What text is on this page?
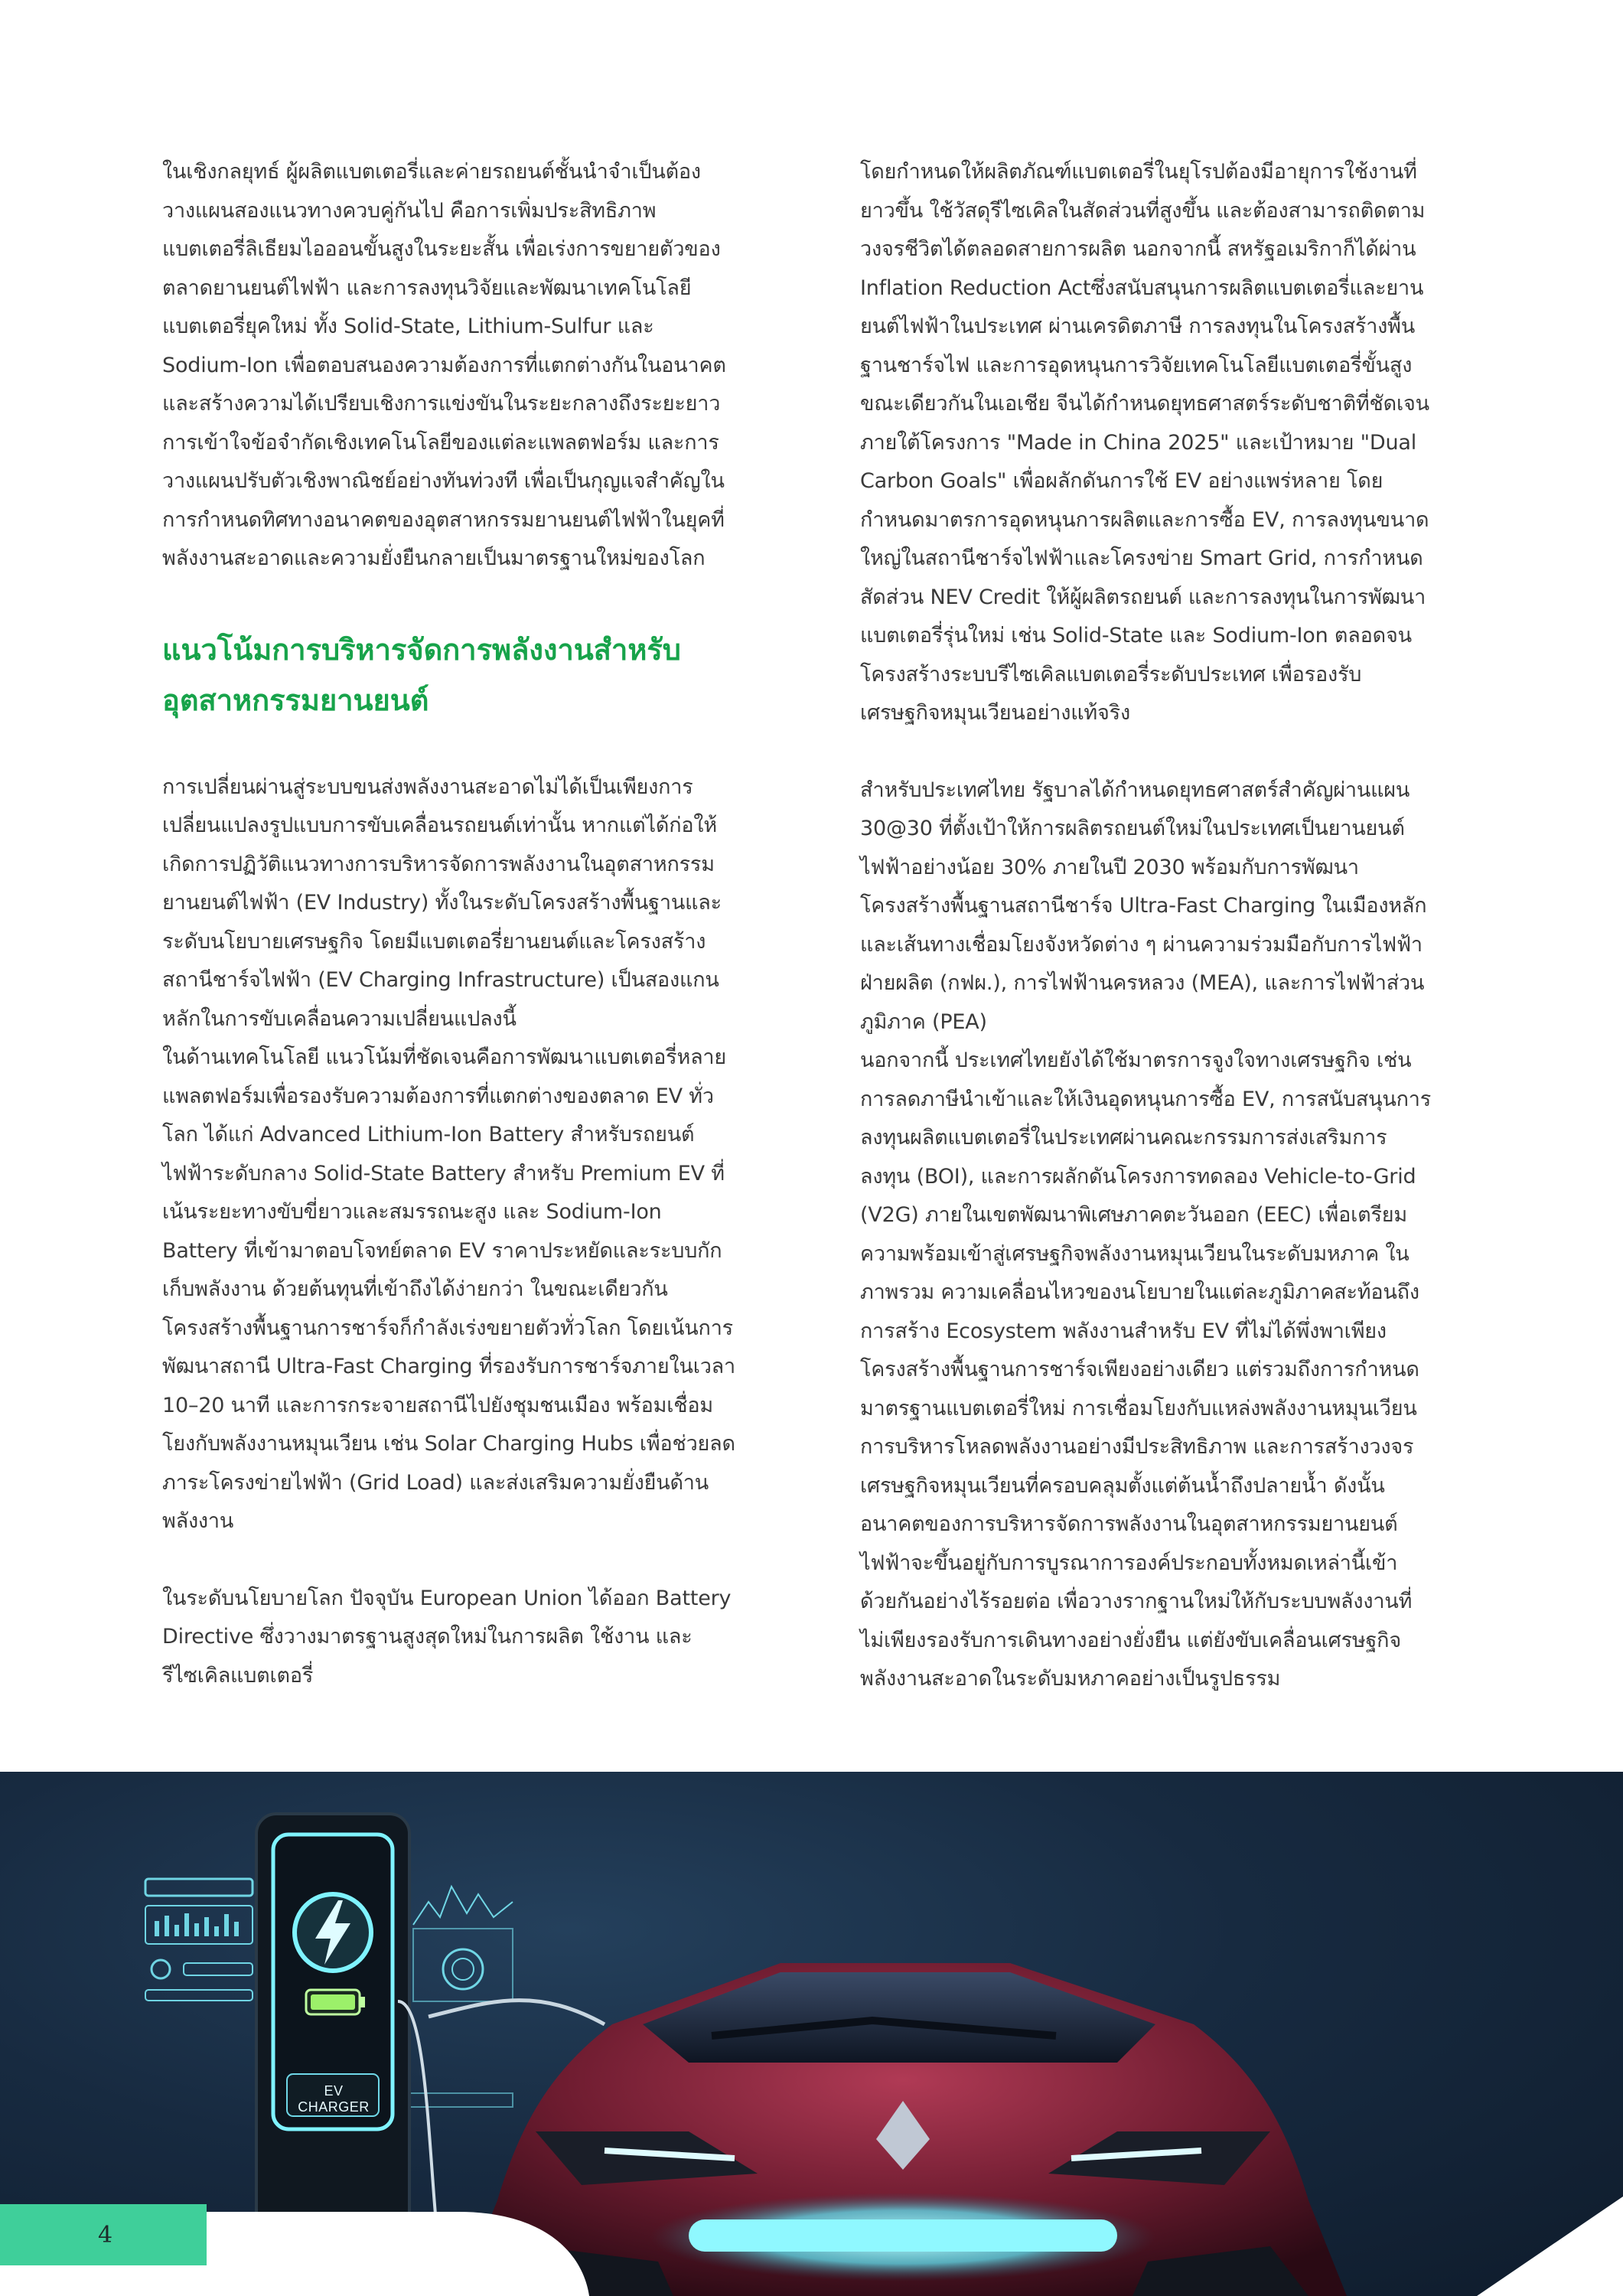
ในเชิงกลยุทธ์ ผู้ผลิตแบตเตอรี่และค่ายรถยนต์ชั้นนำจำเป็นต้อง
วางแผนสองแนวทางควบคู่กันไป คือการเพิ่มประสิทธิภาพ
แบตเตอรี่ลิเธียมไอออนขั้นสูงในระยะสั้น เพื่อเร่งการขยายตัวของ
ตลาดยานยนต์ไฟฟ้า และการลงทุนวิจัยและพัฒนาเทคโนโลยี
แบตเตอรี่ยุคใหม่ ทั้ง Solid-State, Lithium-Sulfur และ
Sodium-Ion เพื่อตอบสนองความต้องการที่แตกต่างกันในอนาคต
และสร้างความได้เปรียบเชิงการแข่งขันในระยะกลางถึงระยะยาว
การเข้าใจข้อจำกัดเชิงเทคโนโลยีของแต่ละแพลตฟอร์ม และการ
วางแผนปรับตัวเชิงพาณิชย์อย่างทันท่วงที เพื่อเป็นกุญแจสำคัญใน
การกำหนดทิศทางอนาคตของอุตสาหกรรมยานยนต์ไฟฟ้าในยุคที่
พลังงานสะอาดและความยั่งยืนกลายเป็นมาตรฐานใหม่ของโลก
แนวโน้มการบริหารจัดการพลังงานสำหรับ
อุตสาหกรรมยานยนต์
การเปลี่ยนผ่านสู่ระบบขนส่งพลังงานสะอาดไม่ได้เป็นเพียงการ
เปลี่ยนแปลงรูปแบบการขับเคลื่อนรถยนต์เท่านั้น หากแต่ได้ก่อให้
เกิดการปฏิวัติแนวทางการบริหารจัดการพลังงานในอุตสาหกรรม
ยานยนต์ไฟฟ้า (EV Industry) ทั้งในระดับโครงสร้างพื้นฐานและ
ระดับนโยบายเศรษฐกิจ โดยมีแบตเตอรี่ยานยนต์และโครงสร้าง
สถานีชาร์จไฟฟ้า (EV Charging Infrastructure) เป็นสองแกน
หลักในการขับเคลื่อนความเปลี่ยนแปลงนี้
ในด้านเทคโนโลยี แนวโน้มที่ชัดเจนคือการพัฒนาแบตเตอรี่หลาย
แพลตฟอร์มเพื่อรองรับความต้องการที่แตกต่างของตลาด EV ทั่ว
โลก ได้แก่ Advanced Lithium-Ion Battery สำหรับรถยนต์
ไฟฟ้าระดับกลาง Solid-State Battery สำหรับ Premium EV ที่
เน้นระยะทางขับขี่ยาวและสมรรถนะสูง และ Sodium-Ion
Battery ที่เข้ามาตอบโจทย์ตลาด EV ราคาประหยัดและระบบกัก
เก็บพลังงาน ด้วยต้นทุนที่เข้าถึงได้ง่ายกว่า ในขณะเดียวกัน
โครงสร้างพื้นฐานการชาร์จก็กำลังเร่งขยายตัวทั่วโลก โดยเน้นการ
พัฒนาสถานี Ultra-Fast Charging ที่รองรับการชาร์จภายในเวลา
10–20 นาที และการกระจายสถานีไปยังชุมชนเมือง พร้อมเชื่อม
โยงกับพลังงานหมุนเวียน เช่น Solar Charging Hubs เพื่อช่วยลด
ภาระโครงข่ายไฟฟ้า (Grid Load) และส่งเสริมความยั่งยืนด้าน
พลังงาน
ในระดับนโยบายโลก ปัจจุบัน European Union ได้ออก Battery
Directive ซึ่งวางมาตรฐานสูงสุดใหม่ในการผลิต ใช้งาน และ
รีไซเคิลแบตเตอรี่
โดยกำหนดให้ผลิตภัณฑ์แบตเตอรี่ในยุโรปต้องมีอายุการใช้งานที่
ยาวขึ้น ใช้วัสดุรีไซเคิลในสัดส่วนที่สูงขึ้น และต้องสามารถติดตาม
วงจรชีวิตได้ตลอดสายการผลิต นอกจากนี้ สหรัฐอเมริกาก็ได้ผ่าน
Inflation Reduction Actซึ่งสนับสนุนการผลิตแบตเตอรี่และยาน
ยนต์ไฟฟ้าในประเทศ ผ่านเครดิตภาษี การลงทุนในโครงสร้างพื้น
ฐานชาร์จไฟ และการอุดหนุนการวิจัยเทคโนโลยีแบตเตอรี่ขั้นสูง
ขณะเดียวกันในเอเชีย จีนได้กำหนดยุทธศาสตร์ระดับชาติที่ชัดเจน
ภายใต้โครงการ "Made in China 2025" และเป้าหมาย "Dual
Carbon Goals" เพื่อผลักดันการใช้ EV อย่างแพร่หลาย โดย
กำหนดมาตรการอุดหนุนการผลิตและการซื้อ EV, การลงทุนขนาด
ใหญ่ในสถานีชาร์จไฟฟ้าและโครงข่าย Smart Grid, การกำหนด
สัดส่วน NEV Credit ให้ผู้ผลิตรถยนต์ และการลงทุนในการพัฒนา
แบตเตอรี่รุ่นใหม่ เช่น Solid-State และ Sodium-Ion ตลอดจน
โครงสร้างระบบรีไซเคิลแบตเตอรี่ระดับประเทศ เพื่อรองรับ
เศรษฐกิจหมุนเวียนอย่างแท้จริง
สำหรับประเทศไทย รัฐบาลได้กำหนดยุทธศาสตร์สำคัญผ่านแผน
30@30 ที่ตั้งเป้าให้การผลิตรถยนต์ใหม่ในประเทศเป็นยานยนต์
ไฟฟ้าอย่างน้อย 30% ภายในปี 2030 พร้อมกับการพัฒนา
โครงสร้างพื้นฐานสถานีชาร์จ Ultra-Fast Charging ในเมืองหลัก
และเส้นทางเชื่อมโยงจังหวัดต่าง ๆ ผ่านความร่วมมือกับการไฟฟ้า
ฝ่ายผลิต (กฟผ.), การไฟฟ้านครหลวง (MEA), และการไฟฟ้าส่วน
ภูมิภาค (PEA)
นอกจากนี้ ประเทศไทยยังได้ใช้มาตรการจูงใจทางเศรษฐกิจ เช่น
การลดภาษีนำเข้าและให้เงินอุดหนุนการซื้อ EV, การสนับสนุนการ
ลงทุนผลิตแบตเตอรี่ในประเทศผ่านคณะกรรมการส่งเสริมการ
ลงทุน (BOI), และการผลักดันโครงการทดลอง Vehicle-to-Grid
(V2G) ภายในเขตพัฒนาพิเศษภาคตะวันออก (EEC) เพื่อเตรียม
ความพร้อมเข้าสู่เศรษฐกิจพลังงานหมุนเวียนในระดับมหภาค ใน
ภาพรวม ความเคลื่อนไหวของนโยบายในแต่ละภูมิภาคสะท้อนถึง
การสร้าง Ecosystem พลังงานสำหรับ EV ที่ไม่ได้พึ่งพาเพียง
โครงสร้างพื้นฐานการชาร์จเพียงอย่างเดียว แต่รวมถึงการกำหนด
มาตรฐานแบตเตอรี่ใหม่ การเชื่อมโยงกับแหล่งพลังงานหมุนเวียน
การบริหารโหลดพลังงานอย่างมีประสิทธิภาพ และการสร้างวงจร
เศรษฐกิจหมุนเวียนที่ครอบคลุมตั้งแต่ต้นน้ำถึงปลายน้ำ ดังนั้น
อนาคตของการบริหารจัดการพลังงานในอุตสาหกรรมยานยนต์
ไฟฟ้าจะขึ้นอยู่กับการบูรณาการองค์ประกอบทั้งหมดเหล่านี้เข้า
ด้วยกันอย่างไร้รอยต่อ เพื่อวางรากฐานใหม่ให้กับระบบพลังงานที่
ไม่เพียงรองรับการเดินทางอย่างยั่งยืน แต่ยังขับเคลื่อนเศรษฐกิจ
พลังงานสะอาดในระดับมหภาคอย่างเป็นรูปธรรม
EV CHARGER
4
